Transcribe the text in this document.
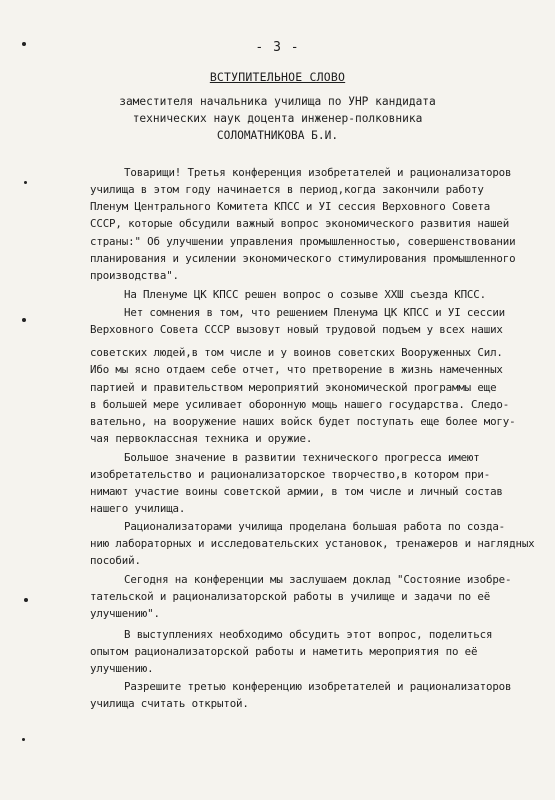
- 3 -
ВСТУПИТЕЛЬНОЕ СЛОВО
заместителя начальника училища по УНР кандидата
технических наук доцента инженер-полковника
СОЛОМАТНИКОВА Б.И.
Товарищи! Третья конференция изобретателей и рационализаторов
училища в этом году начинается в период,когда закончили работу
Пленум Центрального Комитета КПСС и УI сессия Верховного Совета
СССР, которые обсудили важный вопрос экономического развития нашей
страны:" Об улучшении управления промышленностью, совершенствовании
планирования и усилении экономического стимулирования промышленного
производства".
На Пленуме ЦК КПСС решен вопрос о созыве ХХШ съезда КПСС.
Нет сомнения в том, что решением Пленума ЦК КПСС и УI сессии
Верховного Совета СССР вызовут новый трудовой подъем у всех наших
советских людей,в том числе и у воинов советских Вооруженных Сил.
Ибо мы ясно отдаем себе отчет, что претворение в жизнь намеченных
партией и правительством мероприятий экономической программы еще
в большей мере усиливает оборонную мощь нашего государства. Следо-
вательно, на вооружение наших войск будет поступать еще более могу-
чая первоклассная техника и оружие.
Большое значение в развитии технического прогресса имеют
изобретательство и рационализаторское творчество,в котором при-
нимают участие воины советской армии, в том числе и личный состав
нашего училища.
Рационализаторами училища проделана большая работа по созда-
нию лабораторных и исследовательских установок, тренажеров и наглядных
пособий.
Сегодня на конференции мы заслушаем доклад "Состояние изобре-
тательской и рационализаторской работы в училище и задачи по её
улучшению".
В выступлениях необходимо обсудить этот вопрос, поделиться
опытом рационализаторской работы и наметить мероприятия по её
улучшению.
Разрешите третью конференцию изобретателей и рационализаторов
училища считать открытой.
